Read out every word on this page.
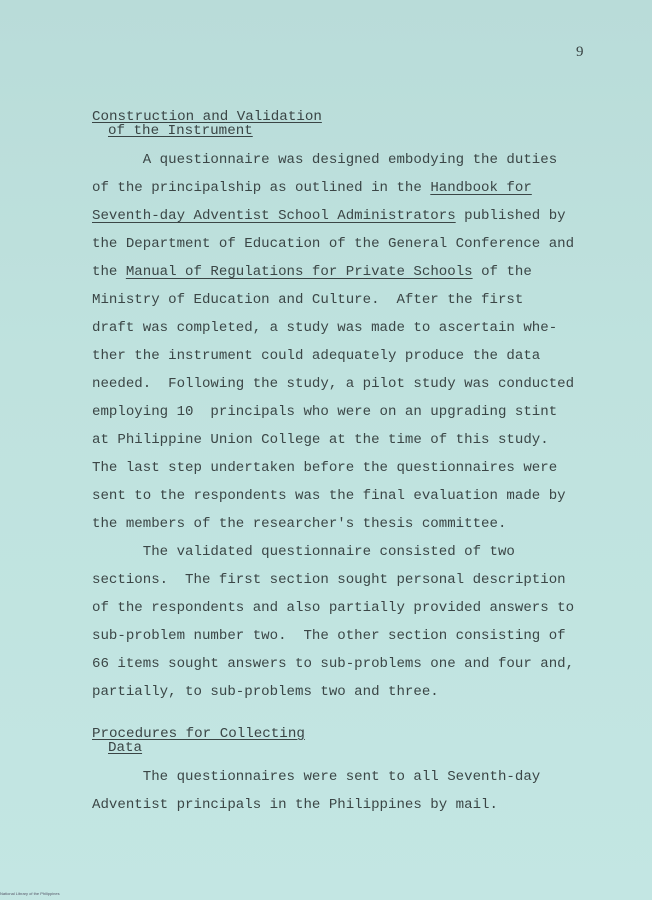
9
Construction and Validation
of the Instrument
A questionnaire was designed embodying the duties
of the principalship as outlined in the Handbook for
Seventh-day Adventist School Administrators published by
the Department of Education of the General Conference and
the Manual of Regulations for Private Schools of the
Ministry of Education and Culture.  After the first
draft was completed, a study was made to ascertain whe-
ther the instrument could adequately produce the data
needed.  Following the study, a pilot study was conducted
employing 10  principals who were on an upgrading stint
at Philippine Union College at the time of this study.
The last step undertaken before the questionnaires were
sent to the respondents was the final evaluation made by
the members of the researcher's thesis committee.
The validated questionnaire consisted of two
sections.  The first section sought personal description
of the respondents and also partially provided answers to
sub-problem number two.  The other section consisting of
66 items sought answers to sub-problems one and four and,
partially, to sub-problems two and three.
Procedures for Collecting
Data
The questionnaires were sent to all Seventh-day
Adventist principals in the Philippines by mail.
National Library of the Philippines
